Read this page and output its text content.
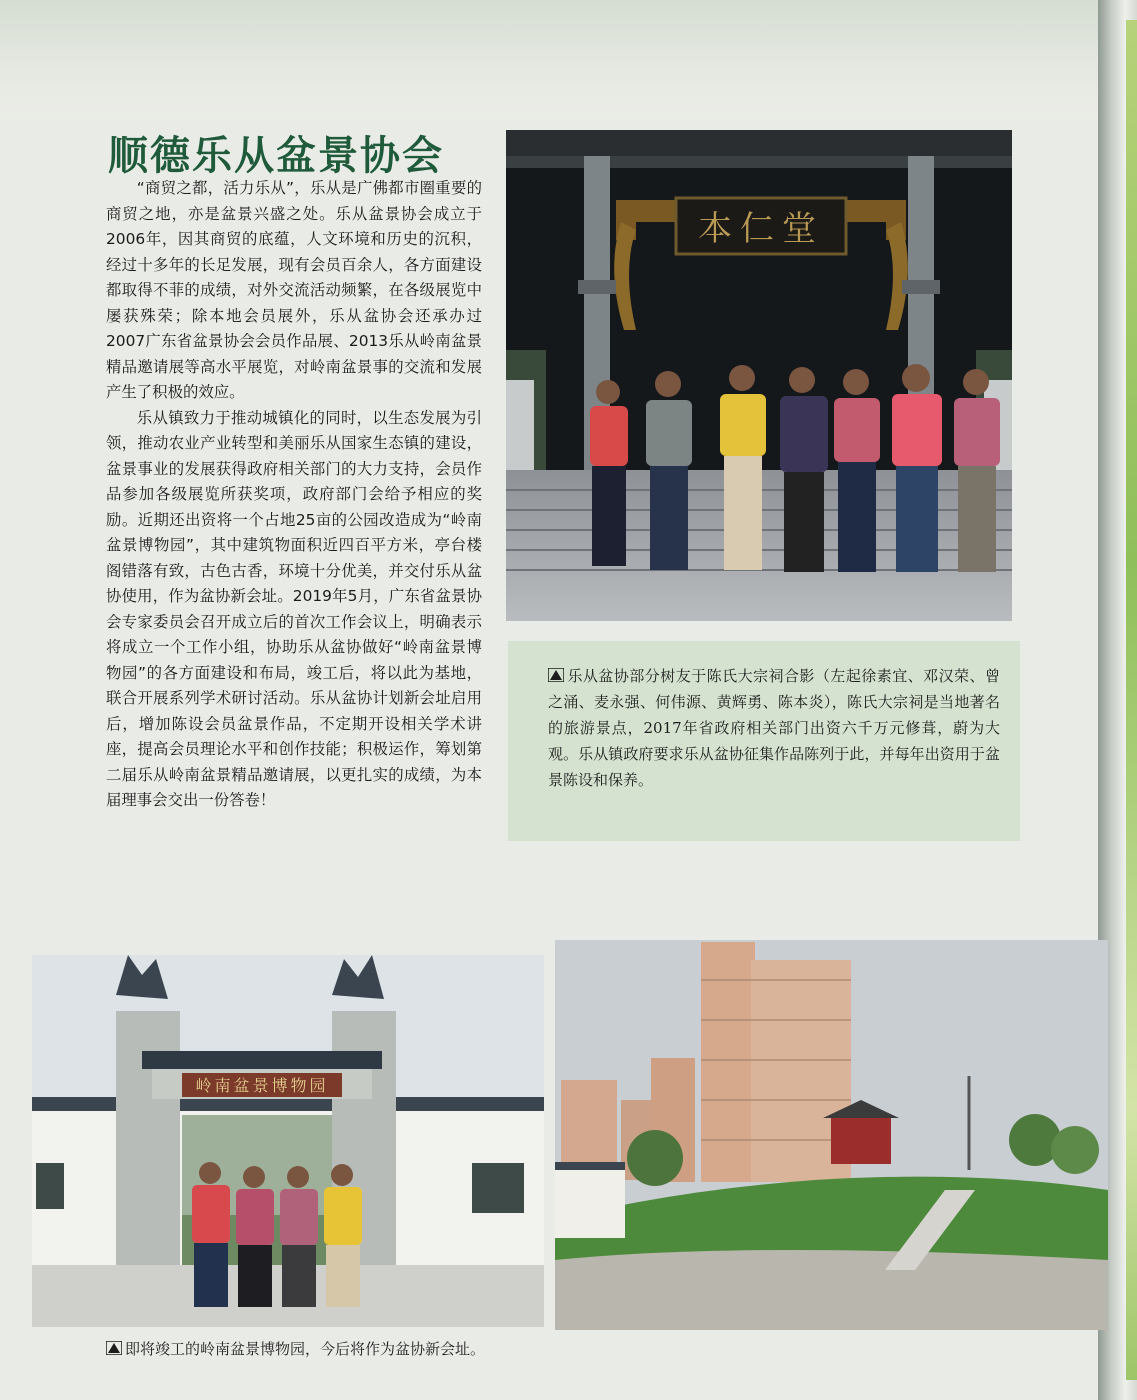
顺德乐从盆景协会

“商贸之都，活力乐从”，乐从是广佛都市圈重要的商贸之地，亦是盆景兴盛之处。乐从盆景协会成立于2006年，因其商贸的底蕴，人文环境和历史的沉积，经过十多年的长足发展，现有会员百余人，各方面建设都取得不菲的成绩，对外交流活动频繁，在各级展览中屡获殊荣；除本地会员展外，乐从盆协会还承办过2007广东省盆景协会会员作品展、2013乐从岭南盆景精品邀请展等高水平展览，对岭南盆景事的交流和发展产生了积极的效应。

乐从镇致力于推动城镇化的同时，以生态发展为引领，推动农业产业转型和美丽乐从国家生态镇的建设，盆景事业的发展获得政府相关部门的大力支持，会员作品参加各级展览所获奖项，政府部门会给予相应的奖励。近期还出资将一个占地25亩的公园改造成为“岭南盆景博物园”，其中建筑物面积近四百平方米，亭台楼阁错落有致，古色古香，环境十分优美，并交付乐从盆协使用，作为盆协新会址。2019年5月，广东省盆景协会专家委员会召开成立后的首次工作会议上，明确表示将成立一个工作小组，协助乐从盆协做好“岭南盆景博物园”的各方面建设和布局，竣工后，将以此为基地，联合开展系列学术研讨活动。乐从盆协计划新会址启用后，增加陈设会员盆景作品，不定期开设相关学术讲座，提高会员理论水平和创作技能；积极运作，筹划第二届乐从岭南盆景精品邀请展，以更扎实的成绩，为本届理事会交出一份答卷！

本仁堂
乐从盆协部分树友于陈氏大宗祠合影（左起徐素宜、邓汉荣、曾之涌、麦永强、何伟源、黄辉勇、陈本炎），陈氏大宗祠是当地著名的旅游景点，2017年省政府相关部门出资六千万元修葺，蔚为大观。乐从镇政府要求乐从盆协征集作品陈列于此，并每年出资用于盆景陈设和保养。
岭南盆景博物园
即将竣工的岭南盆景博物园，今后将作为盆协新会址。
